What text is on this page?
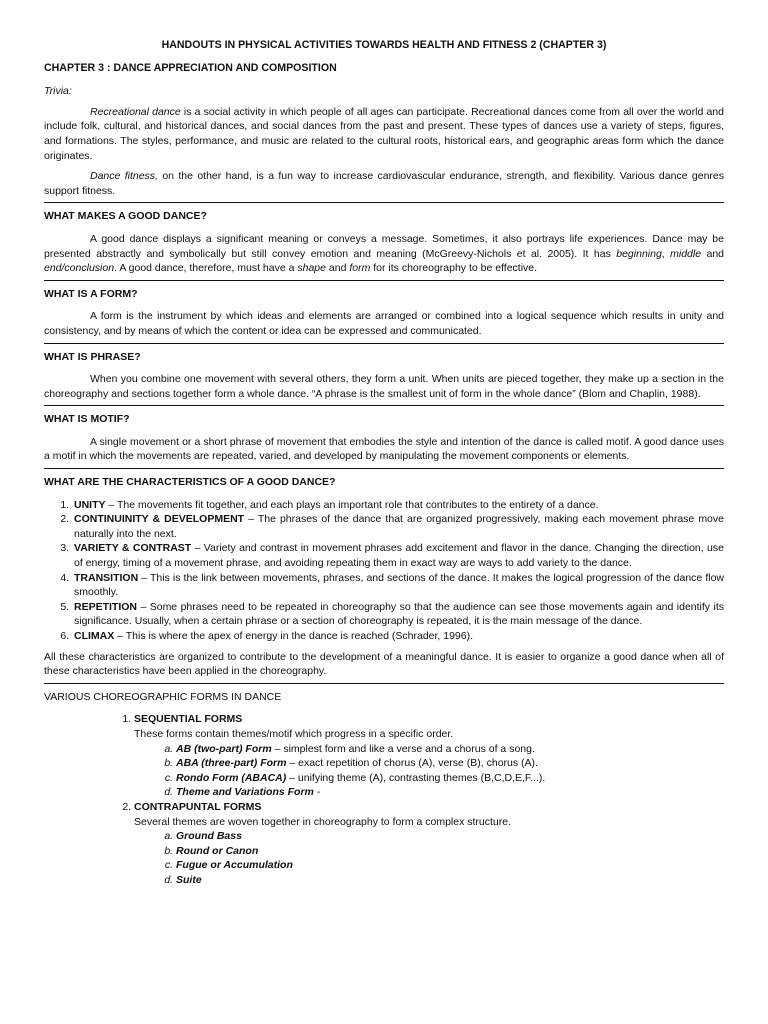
HANDOUTS IN PHYSICAL ACTIVITIES TOWARDS HEALTH AND FITNESS 2 (CHAPTER 3)
CHAPTER 3 : DANCE APPRECIATION AND COMPOSITION
Trivia:

Recreational dance is a social activity in which people of all ages can participate. Recreational dances come from all over the world and include folk, cultural, and historical dances, and social dances from the past and present. These types of dances use a variety of steps, figures, and formations. The styles, performance, and music are related to the cultural roots, historical ears, and geographic areas form which the dance originates.

Dance fitness, on the other hand, is a fun way to increase cardiovascular endurance, strength, and flexibility. Various dance genres support fitness.

WHAT MAKES A GOOD DANCE?

A good dance displays a significant meaning or conveys a message. Sometimes, it also portrays life experiences. Dance may be presented abstractly and symbolically but still convey emotion and meaning (McGreevy-Nichols et al. 2005). It has beginning, middle and end/conclusion. A good dance, therefore, must have a shape and form for its choreography to be effective.

WHAT IS A FORM?

A form is the instrument by which ideas and elements are arranged or combined into a logical sequence which results in unity and consistency, and by means of which the content or idea can be expressed and communicated.

WHAT IS PHRASE?

When you combine one movement with several others, they form a unit. When units are pieced together, they make up a section in the choreography and sections together form a whole dance. “A phrase is the smallest unit of form in the whole dance” (Blom and Chaplin, 1988).

WHAT IS MOTIF?

A single movement or a short phrase of movement that embodies the style and intention of the dance is called motif. A good dance uses a motif in which the movements are repeated, varied, and developed by manipulating the movement components or elements.

WHAT ARE THE CHARACTERISTICS OF A GOOD DANCE?
1. UNITY – The movements fit together, and each plays an important role that contributes to the entirety of a dance.
2. CONTINUINITY & DEVELOPMENT – The phrases of the dance that are organized progressively, making each movement phrase move naturally into the next.
3. VARIETY & CONTRAST – Variety and contrast in movement phrases add excitement and flavor in the dance. Changing the direction, use of energy, timing of a movement phrase, and avoiding repeating them in exact way are ways to add variety to the dance.
4. TRANSITION – This is the link between movements, phrases, and sections of the dance. It makes the logical progression of the dance flow smoothly.
5. REPETITION – Some phrases need to be repeated in choreography so that the audience can see those movements again and identify its significance. Usually, when a certain phrase or a section of choreography is repeated, it is the main message of the dance.
6. CLIMAX – This is where the apex of energy in the dance is reached (Schrader, 1996).

All these characteristics are organized to contribute to the development of a meaningful dance. It is easier to organize a good dance when all of these characteristics have been applied in the choreography.

VARIOUS CHOREOGRAPHIC FORMS IN DANCE
1. SEQUENTIAL FORMS
These forms contain themes/motif which progress in a specific order.
a. AB (two-part) Form – simplest form and like a verse and a chorus of a song.
b. ABA (three-part) Form – exact repetition of chorus (A), verse (B), chorus (A).
c. Rondo Form (ABACA) – unifying theme (A), contrasting themes (B,C,D,E,F...).
d. Theme and Variations Form -
2. CONTRAPUNTAL FORMS
Several themes are woven together in choreography to form a complex structure.
a. Ground Bass
b. Round or Canon
c. Fugue or Accumulation
d. Suite
